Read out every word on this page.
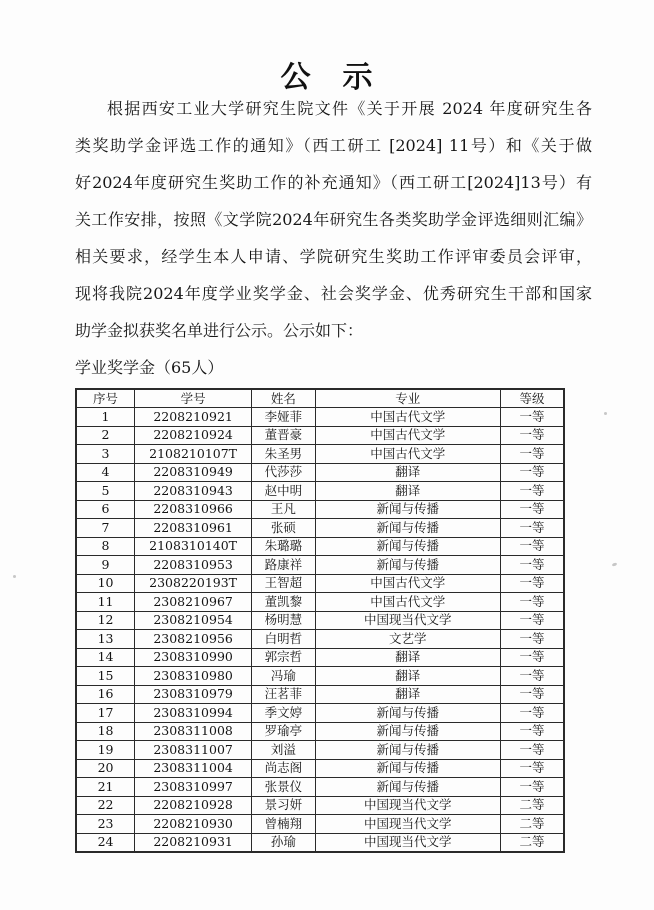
公　示
根据西安工业大学研究生院文件《关于开展 2024 年度研究生各
类奖助学金评选工作的通知》（西工研工 [2024] 11号）和《关于做
好2024年度研究生奖助工作的补充通知》（西工研工[2024]13号）有
关工作安排，按照《文学院2024年研究生各类奖助学金评选细则汇编》
相关要求，经学生本人申请、学院研究生奖助工作评审委员会评审，
现将我院2024年度学业奖学金、社会奖学金、优秀研究生干部和国家
助学金拟获奖名单进行公示。公示如下：
学业奖学金（65人）
序号	学号	姓名	专业	等级
1	2208210921	李娅菲	中国古代文学	一等
2	2208210924	董晋豪	中国古代文学	一等
3	2108210107T	朱圣男	中国古代文学	一等
4	2208310949	代莎莎	翻译	一等
5	2208310943	赵中明	翻译	一等
6	2208310966	王凡	新闻与传播	一等
7	2208310961	张硕	新闻与传播	一等
8	2108310140T	朱璐璐	新闻与传播	一等
9	2208310953	路康祥	新闻与传播	一等
10	2308220193T	王智超	中国古代文学	一等
11	2308210967	董凯黎	中国古代文学	一等
12	2308210954	杨明慧	中国现当代文学	一等
13	2308210956	白明哲	文艺学	一等
14	2308310990	郭宗哲	翻译	一等
15	2308310980	冯瑜	翻译	一等
16	2308310979	汪茗菲	翻译	一等
17	2308310994	季文婷	新闻与传播	一等
18	2308311008	罗瑜亭	新闻与传播	一等
19	2308311007	刘溢	新闻与传播	一等
20	2308311004	尚志阁	新闻与传播	一等
21	2308310997	张景仪	新闻与传播	一等
22	2208210928	景习妍	中国现当代文学	二等
23	2208210930	曾楠翔	中国现当代文学	二等
24	2208210931	孙瑜	中国现当代文学	二等
